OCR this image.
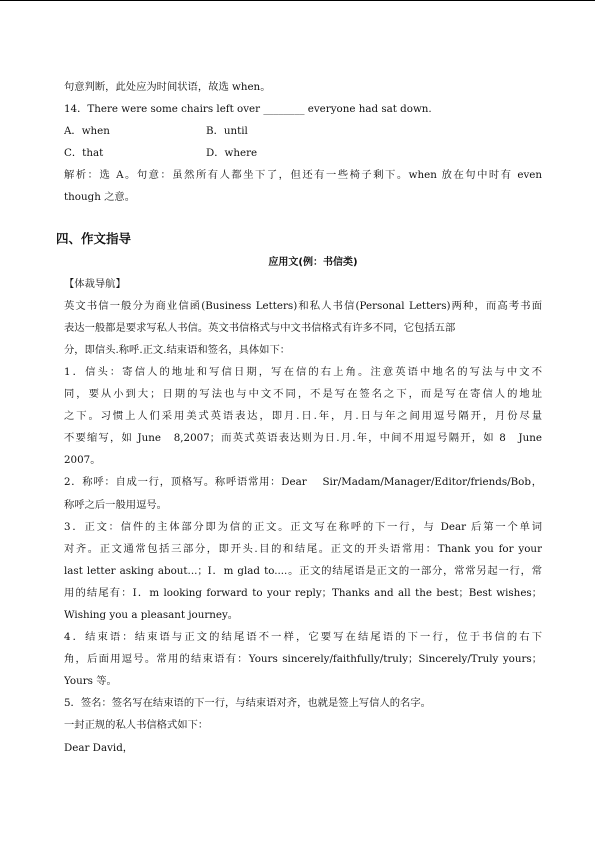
句意判断，此处应为时间状语，故选 when。
14．There were some chairs left over ________ everyone had sat down.
A．when	B．until
C．that	D．where
解析：选 A。句意：虽然所有人都坐下了，但还有一些椅子剩下。when 放在句中时有 even
though 之意。
四、作文指导
应用文(例：书信类)
【体裁导航】
英文书信一般分为商业信函(Business Letters)和私人书信(Personal Letters)两种，而高考书面
表达一般都是要求写私人书信。英文书信格式与中文书信格式有许多不同，它包括五部
分，即信头.称呼.正文.结束语和签名，具体如下：
1．信头：寄信人的地址和写信日期，写在信的右上角。注意英语中地名的写法与中文不
同，要从小到大；日期的写法也与中文不同，不是写在签名之下，而是写在寄信人的地址
之下。习惯上人们采用美式英语表达，即月.日.年，月.日与年之间用逗号隔开，月份尽量
不要缩写，如 June　8,2007；而英式英语表达则为日.月.年，中间不用逗号隔开，如 8　June
2007。
2．称呼：自成一行，顶格写。称呼语常用：Dear　 Sir/Madam/Manager/Editor/friends/Bob，
称呼之后一般用逗号。
3．正文：信件的主体部分即为信的正文。正文写在称呼的下一行，与 Dear 后第一个单词
对齐。正文通常包括三部分，即开头.目的和结尾。正文的开头语常用：Thank you for your
last letter asking about...；I．m glad to....。正文的结尾语是正文的一部分，常常另起一行，常
用的结尾有：I．m looking forward to your reply；Thanks and all the best；Best wishes；
Wishing you a pleasant journey。
4．结束语：结束语与正文的结尾语不一样，它要写在结尾语的下一行，位于书信的右下
角，后面用逗号。常用的结束语有：Yours sincerely/faithfully/truly；Sincerely/Truly yours；
Yours 等。
5．签名：签名写在结束语的下一行，与结束语对齐，也就是签上写信人的名字。
一封正规的私人书信格式如下：
Dear David，
